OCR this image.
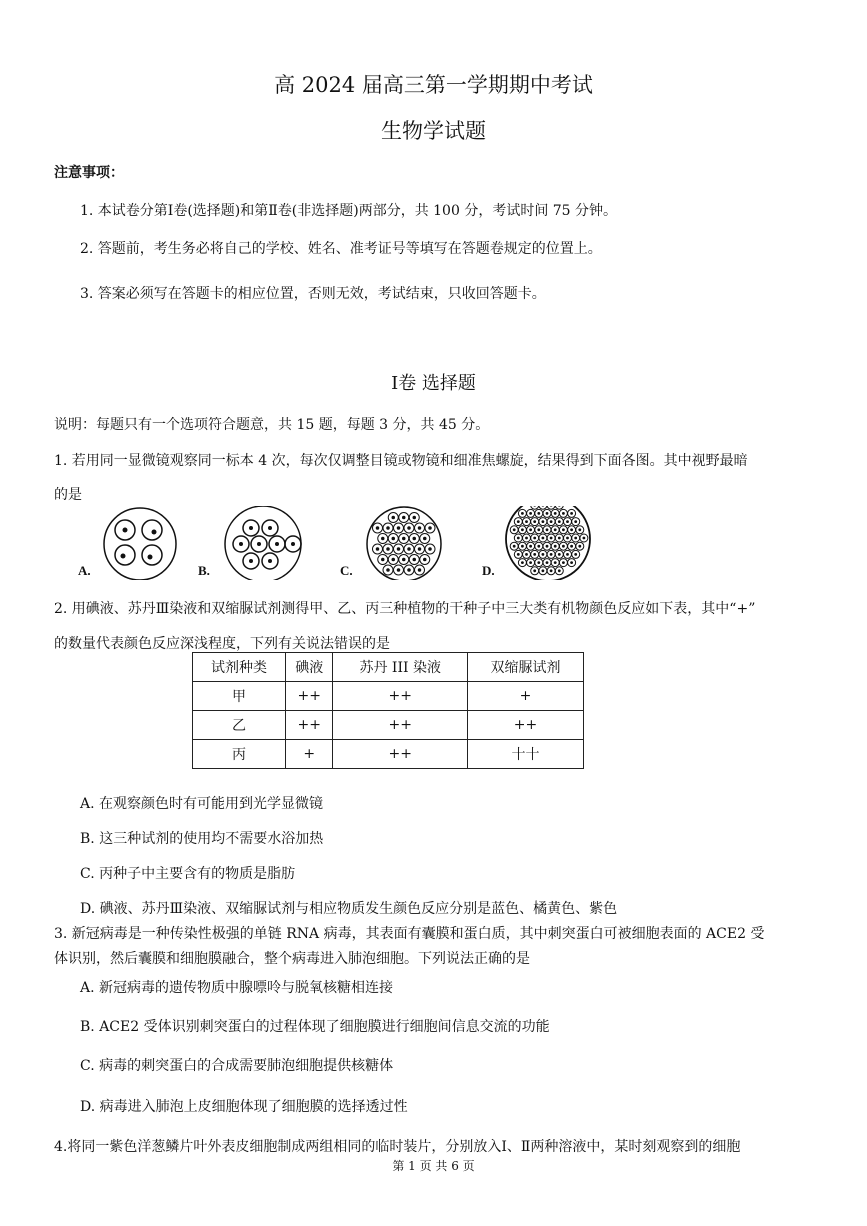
高 2024 届高三第一学期期中考试
生物学试题
注意事项：
1. 本试卷分第Ⅰ卷(选择题)和第Ⅱ卷(非选择题)两部分，共 100 分，考试时间 75 分钟。
2. 答题前，考生务必将自己的学校、姓名、准考证号等填写在答题卷规定的位置上。
3. 答案必须写在答题卡的相应位置，否则无效，考试结束，只收回答题卡。
Ⅰ卷 选择题
说明：每题只有一个选项符合题意，共 15 题，每题 3 分，共 45 分。
1. 若用同一显微镜观察同一标本 4 次，每次仅调整目镜或物镜和细准焦螺旋，结果得到下面各图。其中视野最暗
的是
A.	B.	C.	D.
2. 用碘液、苏丹Ⅲ染液和双缩脲试剂测得甲、乙、丙三种植物的干种子中三大类有机物颜色反应如下表，其中“+”
的数量代表颜色反应深浅程度，下列有关说法错误的是
试剂种类	碘液	苏丹 III 染液	双缩脲试剂
甲	++	++	+
乙	++	++	++
丙	+	++	十十
A. 在观察颜色时有可能用到光学显微镜
B. 这三种试剂的使用均不需要水浴加热
C. 丙种子中主要含有的物质是脂肪
D. 碘液、苏丹Ⅲ染液、双缩脲试剂与相应物质发生颜色反应分别是蓝色、橘黄色、紫色
3. 新冠病毒是一种传染性极强的单链 RNA 病毒，其表面有囊膜和蛋白质，其中刺突蛋白可被细胞表面的 ACE2 受
体识别，然后囊膜和细胞膜融合，整个病毒进入肺泡细胞。下列说法正确的是
A. 新冠病毒的遗传物质中腺嘌呤与脱氧核糖相连接
B. ACE2 受体识别刺突蛋白的过程体现了细胞膜进行细胞间信息交流的功能
C. 病毒的刺突蛋白的合成需要肺泡细胞提供核糖体
D. 病毒进入肺泡上皮细胞体现了细胞膜的选择透过性
4.将同一紫色洋葱鳞片叶外表皮细胞制成两组相同的临时装片，分别放入Ⅰ、Ⅱ两种溶液中，某时刻观察到的细胞
第 1 页 共 6 页
